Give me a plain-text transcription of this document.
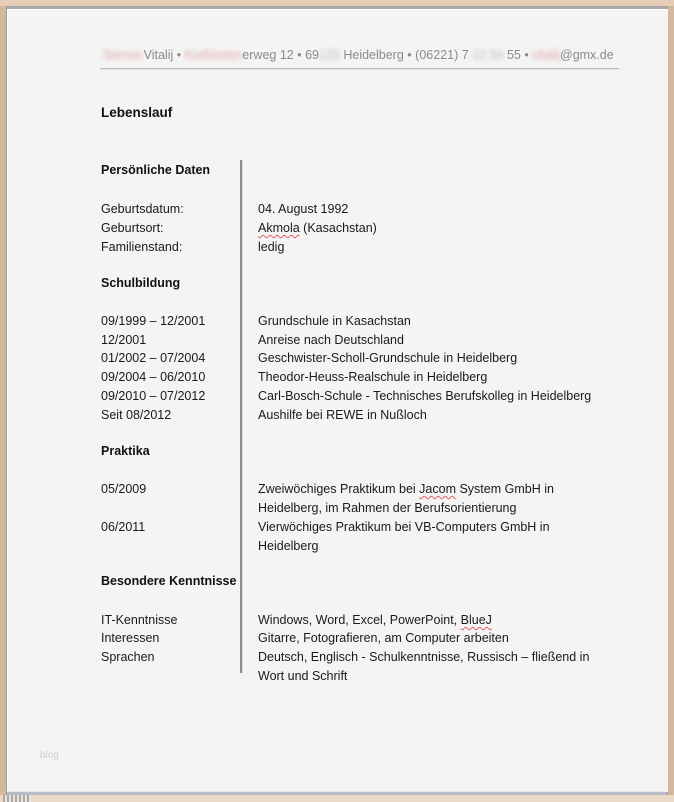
SemunVitalij • Kurfürstenerweg 12 • 69123 Heidelberg • (06221) 7 12 34 55 • vitalij@gmx.de
Lebenslauf
Persönliche Daten
Geburtsdatum:	04. August 1992
Geburtsort:	Akmola (Kasachstan)
Familienstand:	ledig
Schulbildung
09/1999 – 12/2001	Grundschule in Kasachstan
12/2001	Anreise nach Deutschland
01/2002 – 07/2004	Geschwister-Scholl-Grundschule in Heidelberg
09/2004 – 06/2010	Theodor-Heuss-Realschule in Heidelberg
09/2010 – 07/2012	Carl-Bosch-Schule - Technisches Berufskolleg in Heidelberg
Seit 08/2012	Aushilfe bei REWE in Nußloch
Praktika
05/2009	Zweiwöchiges Praktikum bei Jacom System GmbH in
Heidelberg, im Rahmen der Berufsorientierung
06/2011	Vierwöchiges Praktikum bei VB-Computers GmbH in
Heidelberg
Besondere Kenntnisse
IT-Kenntnisse	Windows, Word, Excel, PowerPoint, BlueJ
Interessen	Gitarre, Fotografieren, am Computer arbeiten
Sprachen	Deutsch, Englisch - Schulkenntnisse, Russisch – fließend in
Wort und Schrift
blog
